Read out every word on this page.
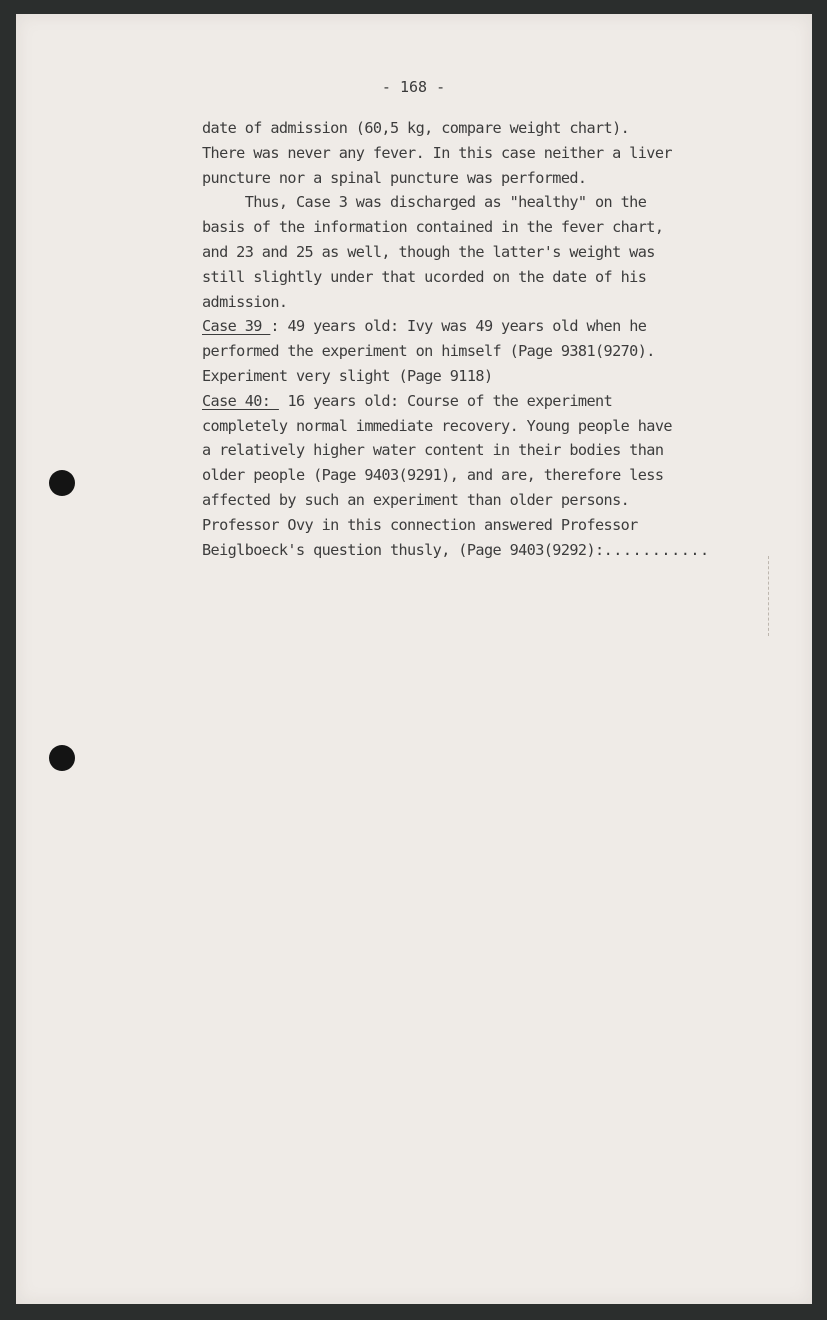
- 168 -
date of admission (60,5 kg, compare weight chart).
There was never any fever. In this case neither a liver
puncture nor a spinal puncture was performed.
Thus, Case 3 was discharged as "healthy" on the
basis of the information contained in the fever chart,
and 23 and 25 as well, though the latter's weight was
still slightly under that ucorded on the date of his
admission.
Case 39 : 49 years old: Ivy was 49 years old when he
performed the experiment on himself (Page 9381(9270).
Experiment very slight (Page 9118)
Case 40:  16 years old: Course of the experiment
completely normal immediate recovery. Young people have
a relatively higher water content in their bodies than
older people (Page 9403(9291), and are, therefore less
affected by such an experiment than older persons.
Professor Ovy in this connection answered Professor
Beiglboeck's question thusly, (Page 9403(9292):...........
